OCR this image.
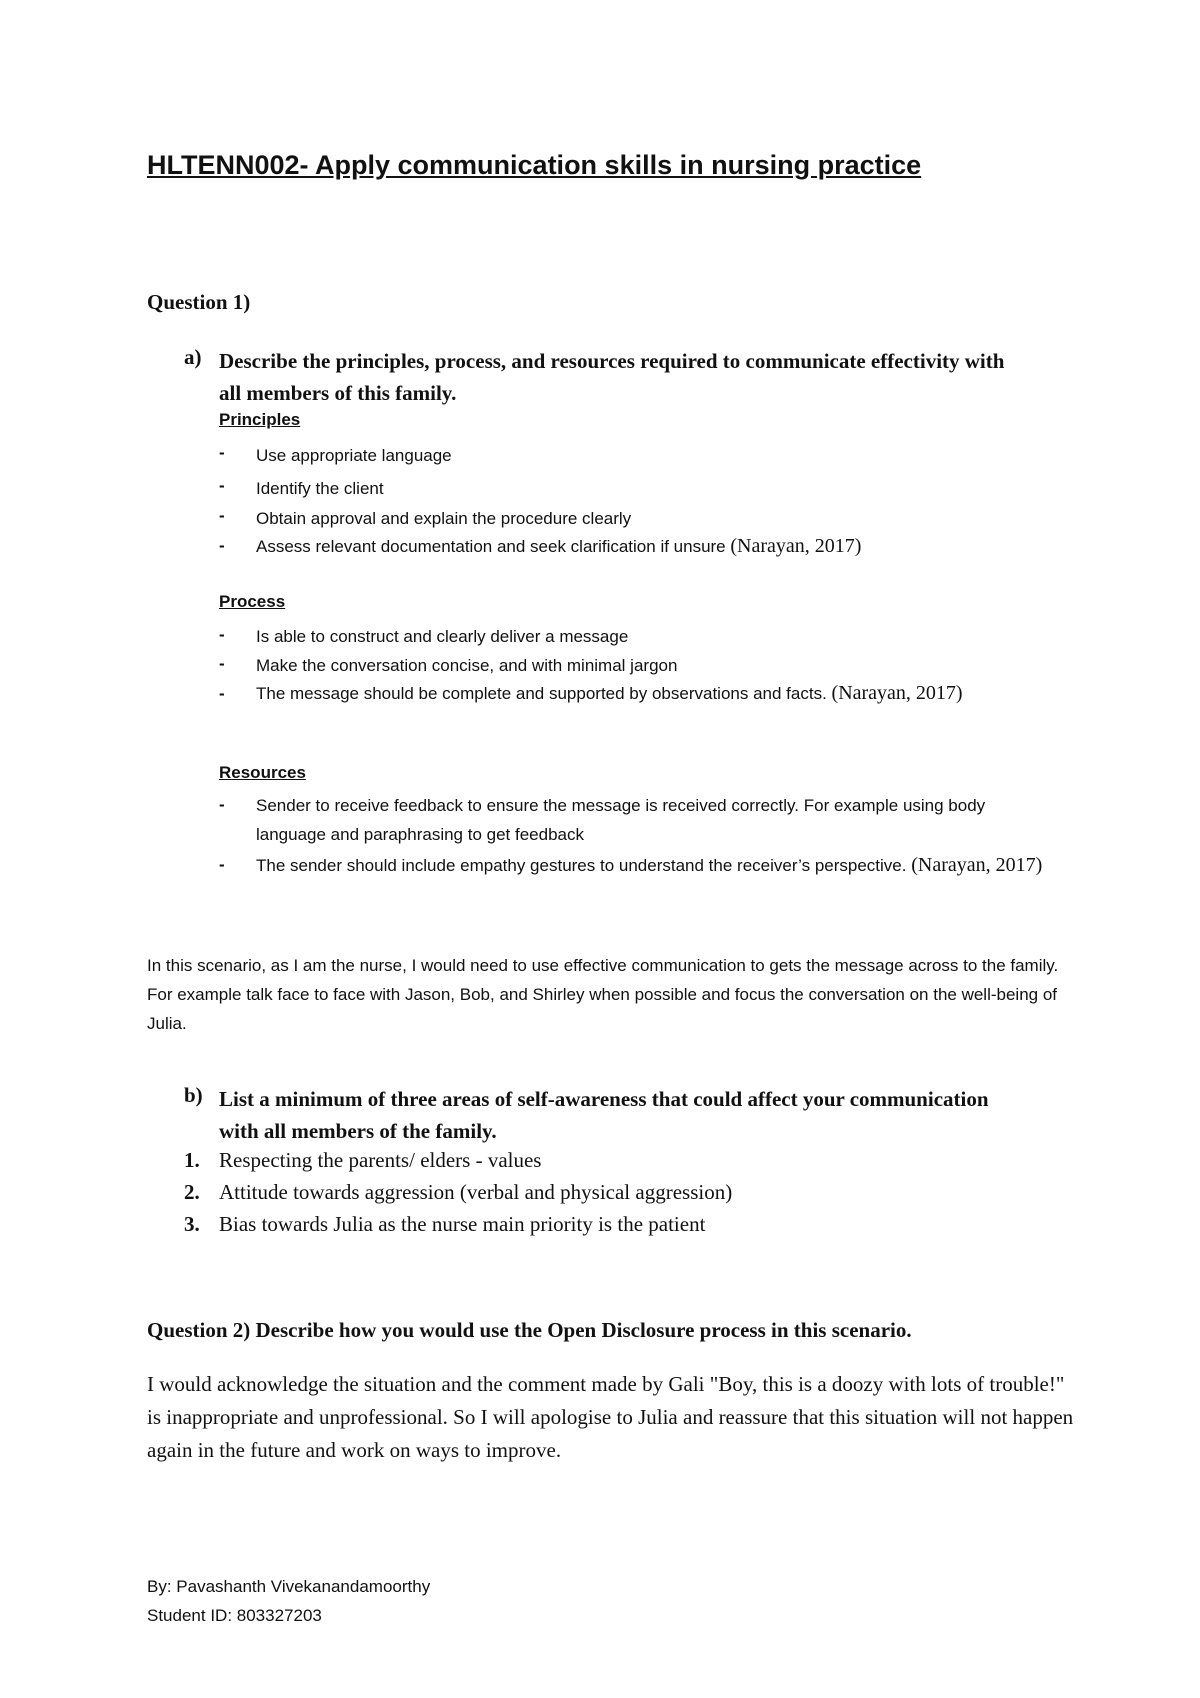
HLTENN002- Apply communication skills in nursing practice
Question 1)
a) Describe the principles, process, and resources required to communicate effectivity with all members of this family.
Principles
- Use appropriate language
- Identify the client
- Obtain approval and explain the procedure clearly
- Assess relevant documentation and seek clarification if unsure (Narayan, 2017)
Process
- Is able to construct and clearly deliver a message
- Make the conversation concise, and with minimal jargon
- The message should be complete and supported by observations and facts. (Narayan, 2017)
Resources
- Sender to receive feedback to ensure the message is received correctly. For example using body language and paraphrasing to get feedback
- The sender should include empathy gestures to understand the receiver’s perspective. (Narayan, 2017)
In this scenario, as I am the nurse, I would need to use effective communication to gets the message across to the family. For example talk face to face with Jason, Bob, and Shirley when possible and focus the conversation on the well-being of Julia.
b) List a minimum of three areas of self-awareness that could affect your communication with all members of the family.
1. Respecting the parents/ elders - values
2. Attitude towards aggression (verbal and physical aggression)
3. Bias towards Julia as the nurse main priority is the patient
Question 2) Describe how you would use the Open Disclosure process in this scenario.
I would acknowledge the situation and the comment made by Gali "Boy, this is a doozy with lots of trouble!" is inappropriate and unprofessional. So I will apologise to Julia and reassure that this situation will not happen again in the future and work on ways to improve.
By: Pavashanth Vivekanandamoorthy
Student ID: 803327203
